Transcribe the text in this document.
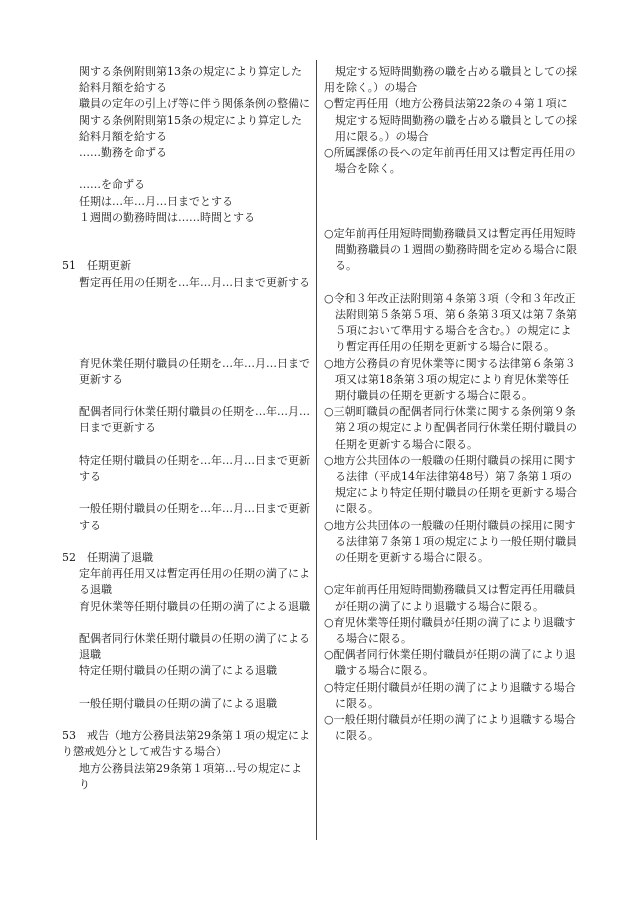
関する条例附則第13条の規定により算定した給料月額を給する

職員の定年の引上げ等に伴う関係条例の整備に関する条例附則第15条の規定により算定した給料月額を給する

……勤務を命ずる

……を命ずる

任期は…年…月…日までとする

１週間の勤務時間は……時間とする

51　任期更新

暫定再任用の任期を…年…月…日まで更新する

育児休業任期付職員の任期を…年…月…日まで更新する

配偶者同行休業任期付職員の任期を…年…月…日まで更新する

特定任期付職員の任期を…年…月…日まで更新する

一般任期付職員の任期を…年…月…日まで更新する

52　任期満了退職

定年前再任用又は暫定再任用の任期の満了による退職

育児休業等任期付職員の任期の満了による退職

配偶者同行休業任期付職員の任期の満了による退職

特定任期付職員の任期の満了による退職

一般任期付職員の任期の満了による退職

53　戒告（地方公務員法第29条第１項の規定により懲戒処分として戒告する場合）

地方公務員法第29条第１項第…号の規定により

　規定する短時間勤務の職を占める職員としての採用を除く。）の場合

○暫定再任用（地方公務員法第22条の４第１項に規定する短時間勤務の職を占める職員としての採用に限る。）の場合

○所属課係の長への定年前再任用又は暫定再任用の場合を除く。

○定年前再任用短時間勤務職員又は暫定再任用短時間勤務職員の１週間の勤務時間を定める場合に限る。

○令和３年改正法附則第４条第３項（令和３年改正法附則第５条第５項、第６条第３項又は第７条第５項において準用する場合を含む。）の規定により暫定再任用の任期を更新する場合に限る。

○地方公務員の育児休業等に関する法律第６条第３項又は第18条第３項の規定により育児休業等任期付職員の任期を更新する場合に限る。

○三朝町職員の配偶者同行休業に関する条例第９条第２項の規定により配偶者同行休業任期付職員の任期を更新する場合に限る。

○地方公共団体の一般職の任期付職員の採用に関する法律（平成14年法律第48号）第７条第１項の規定により特定任期付職員の任期を更新する場合に限る。

○地方公共団体の一般職の任期付職員の採用に関する法律第７条第１項の規定により一般任期付職員の任期を更新する場合に限る。

○定年前再任用短時間勤務職員又は暫定再任用職員が任期の満了により退職する場合に限る。

○育児休業等任期付職員が任期の満了により退職する場合に限る。

○配偶者同行休業任期付職員が任期の満了により退職する場合に限る。

○特定任期付職員が任期の満了により退職する場合に限る。

○一般任期付職員が任期の満了により退職する場合に限る。
